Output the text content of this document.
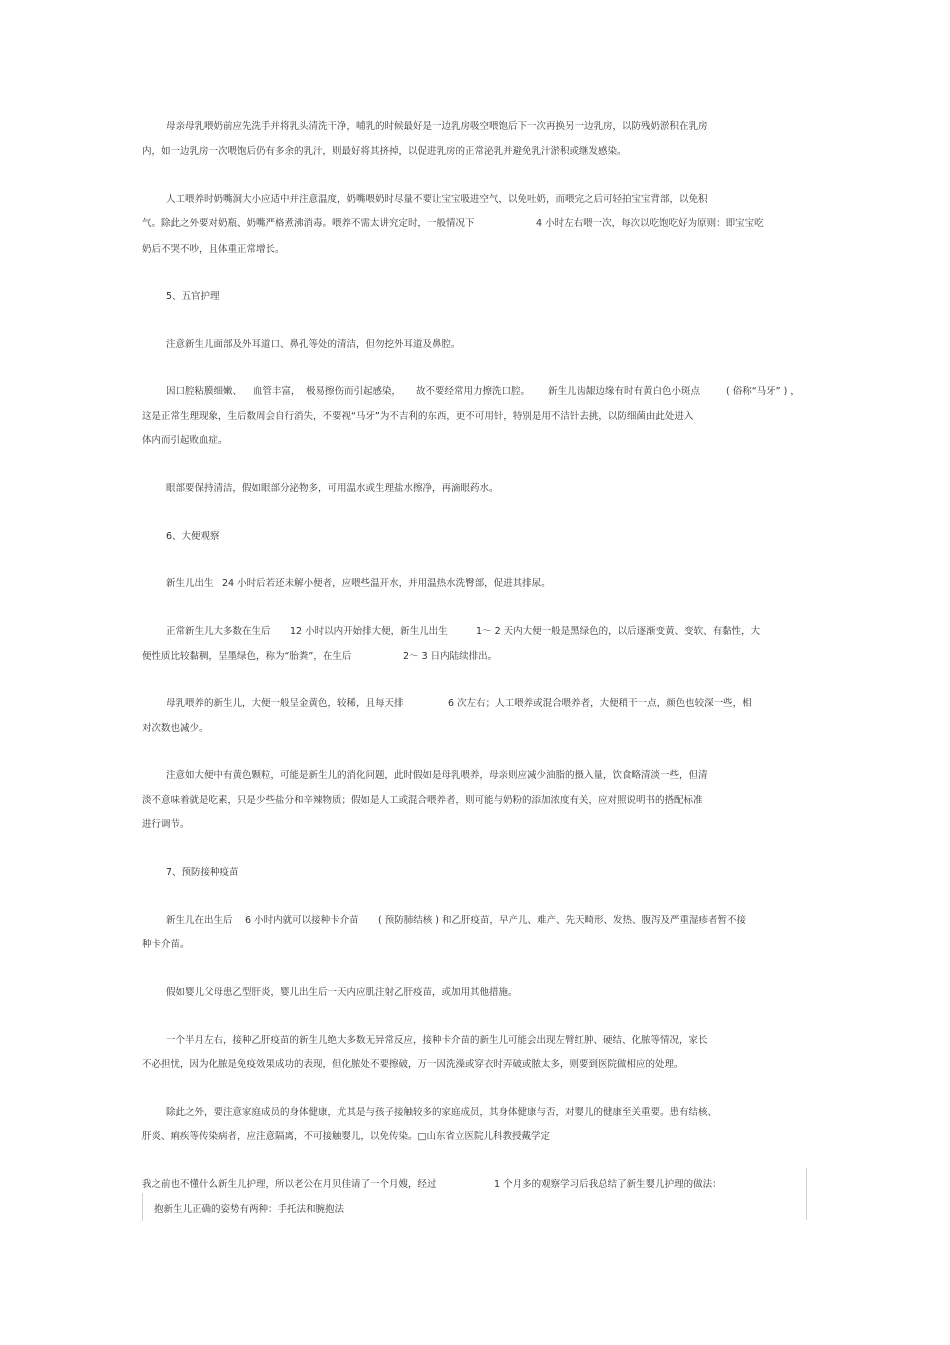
母亲母乳喂奶前应先洗手并将乳头清洗干净，哺乳的时候最好是一边乳房吸空喂饱后下一次再换另一边乳房，以防残奶淤积在乳房
内，如一边乳房一次喂饱后仍有多余的乳汁，则最好将其挤掉，以促进乳房的正常泌乳并避免乳汁淤积或继发感染。
人工喂养时奶嘴洞大小应适中并注意温度，奶嘴喂奶时尽量不要让宝宝吸进空气，以免吐奶，而喂完之后可轻拍宝宝背部，以免积
气。除此之外要对奶瓶、奶嘴严格煮沸消毒。喂养不需太讲究定时，一般情况下	4 小时左右喂一次，每次以吃饱吃好为原则：即宝宝吃
奶后不哭不吵，且体重正常增长。
5、五官护理
注意新生儿面部及外耳道口、鼻孔等处的清洁，但勿挖外耳道及鼻腔。
因口腔粘膜细嫩、 血管丰富， 极易擦伤而引起感染， 故不要经常用力擦洗口腔。 新生儿齿龈边缘有时有黄白色小斑点	( 俗称“马牙” ) ，
这是正常生理现象，生后数周会自行消失，不要视“马牙”为不吉利的东西，更不可用针，特别是用不洁针去挑，以防细菌由此处进入
体内而引起败血症。
眼部要保持清洁，假如眼部分泌物多，可用温水或生理盐水擦净，再滴眼药水。
6、大便观察
新生儿出生 24 小时后若还未解小便者，应喂些温开水，并用温热水洗臀部，促进其排尿。
正常新生儿大多数在生后 12 小时以内开始排大便，新生儿出生	1～ 2 天内大便一般是黑绿色的，以后逐渐变黄、变软、有黏性，大
便性质比较黏稠，呈墨绿色，称为“胎粪”，在生后	2～ 3 日内陆续排出。
母乳喂养的新生儿，大便一般呈金黄色，较稀，且每天排	6 次左右；人工喂养或混合喂养者，大便稍干一点，颜色也较深一些，相
对次数也减少。
注意如大便中有黄色颗粒，可能是新生儿的消化问题，此时假如是母乳喂养，母亲则应减少油脂的摄入量，饮食略清淡一些，但清
淡不意味着就是吃素，只是少些盐分和辛辣物质；假如是人工或混合喂养者，则可能与奶粉的添加浓度有关，应对照说明书的搭配标准
进行调节。
7、预防接种疫苗
新生儿在出生后 6 小时内就可以接种卡介苗 ( 预防肺结核 ) 和乙肝疫苗，早产儿、难产、先天畸形、发热、腹泻及严重湿疹者暂不接
种卡介苗。
假如婴儿父母患乙型肝炎，婴儿出生后一天内应肌注射乙肝疫苗，或加用其他措施。
一个半月左右，接种乙肝疫苗的新生儿绝大多数无异常反应，接种卡介苗的新生儿可能会出现左臂红肿、硬结、化脓等情况，家长
不必担忧，因为化脓是免疫效果成功的表现，但化脓处不要擦破，万一因洗澡或穿衣时弄破或脓太多，则要到医院做相应的处理。
除此之外，要注意家庭成员的身体健康，尤其是与孩子接触较多的家庭成员，其身体健康与否，对婴儿的健康至关重要。患有结核、
肝炎、痢疾等传染病者，应注意隔离，不可接触婴儿，以免传染。□山东省立医院儿科教授戴学定
我之前也不懂什么新生儿护理，所以老公在月贝佳请了一个月嫂，经过	1 个月多的观察学习后我总结了新生婴儿护理的做法：
抱新生儿正确的姿势有两种：手托法和腕抱法
